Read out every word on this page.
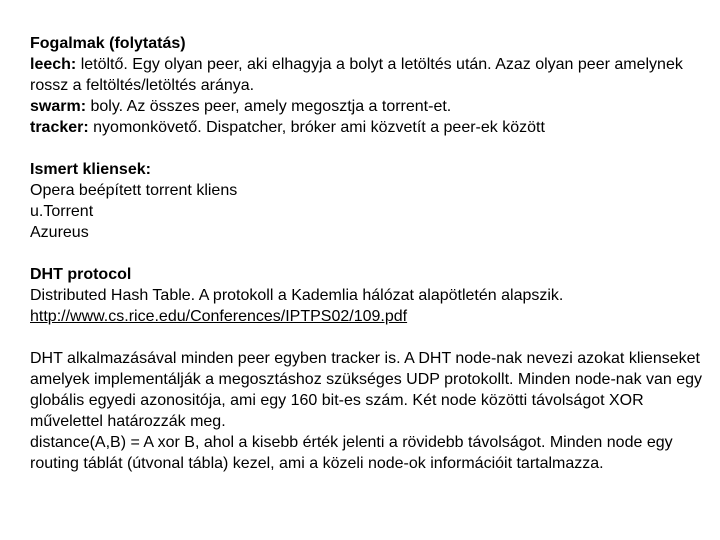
Fogalmak (folytatás)
leech: letöltő. Egy olyan peer, aki elhagyja a bolyt a letöltés után. Azaz olyan peer amelynek rossz a feltöltés/letöltés aránya.
swarm: boly. Az összes peer, amely megosztja a torrent-et.
tracker: nyomonkövető. Dispatcher, bróker ami közvetít a peer-ek között
Ismert kliensek:
Opera beépített torrent kliens
u.Torrent
Azureus
DHT protocol
Distributed Hash Table. A protokoll a Kademlia hálózat alapötletén alapszik.
http://www.cs.rice.edu/Conferences/IPTPS02/109.pdf
DHT alkalmazásával minden peer egyben tracker is. A DHT node-nak nevezi azokat klienseket amelyek implementálják a megosztáshoz szükséges UDP protokollt. Minden node-nak van egy globális egyedi azonositója, ami egy 160 bit-es szám. Két node közötti távolságot XOR művelettel határozzák meg.
distance(A,B) = A xor B, ahol a kisebb érték jelenti a rövidebb távolságot. Minden node egy routing táblát (útvonal tábla) kezel, ami a közeli node-ok információit tartalmazza.
